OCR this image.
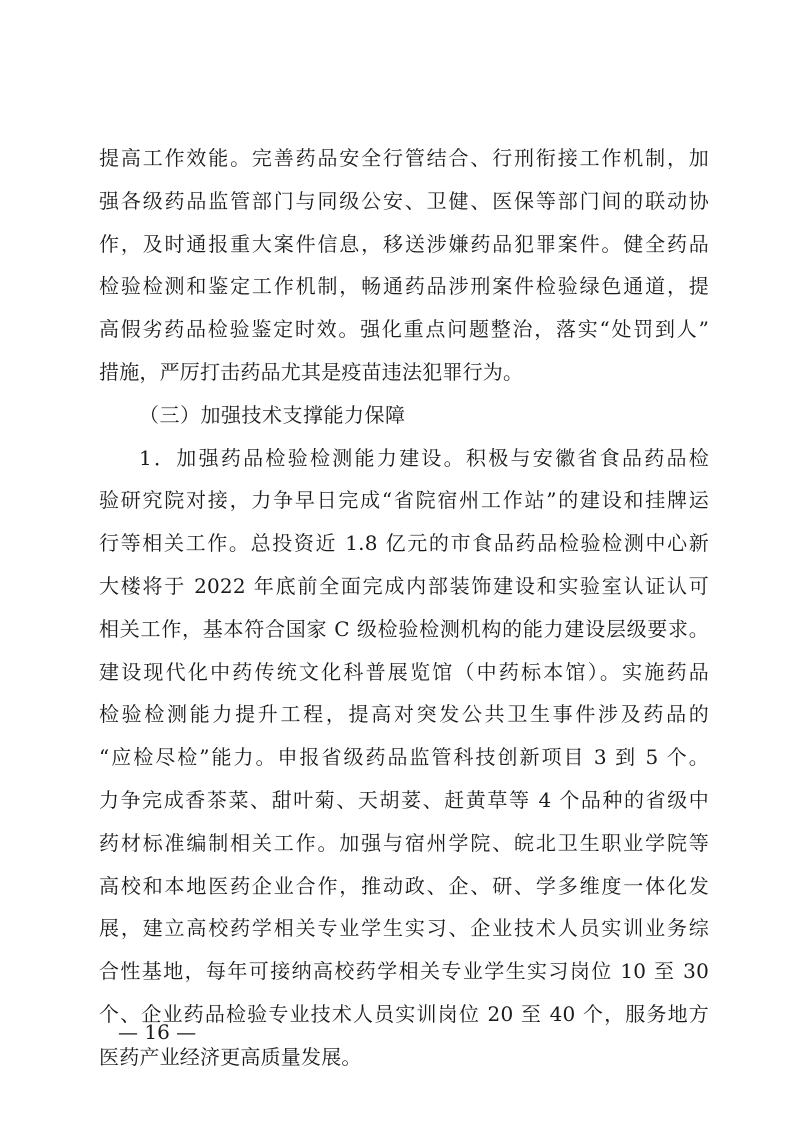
提高工作效能。完善药品安全行管结合、行刑衔接工作机制，加
强各级药品监管部门与同级公安、卫健、医保等部门间的联动协
作，及时通报重大案件信息，移送涉嫌药品犯罪案件。健全药品
检验检测和鉴定工作机制，畅通药品涉刑案件检验绿色通道，提
高假劣药品检验鉴定时效。强化重点问题整治，落实“处罚到人”
措施，严厉打击药品尤其是疫苗违法犯罪行为。
（三）加强技术支撑能力保障
1．加强药品检验检测能力建设。积极与安徽省食品药品检
验研究院对接，力争早日完成“省院宿州工作站”的建设和挂牌运
行等相关工作。总投资近 1.8 亿元的市食品药品检验检测中心新
大楼将于 2022 年底前全面完成内部装饰建设和实验室认证认可
相关工作，基本符合国家 C 级检验检测机构的能力建设层级要求。
建设现代化中药传统文化科普展览馆（中药标本馆）。实施药品
检验检测能力提升工程，提高对突发公共卫生事件涉及药品的
“应检尽检”能力。申报省级药品监管科技创新项目 3 到 5 个。
力争完成香茶菜、甜叶菊、天胡荽、赶黄草等 4 个品种的省级中
药材标准编制相关工作。加强与宿州学院、皖北卫生职业学院等
高校和本地医药企业合作，推动政、企、研、学多维度一体化发
展，建立高校药学相关专业学生实习、企业技术人员实训业务综
合性基地，每年可接纳高校药学相关专业学生实习岗位 10 至 30
个、企业药品检验专业技术人员实训岗位 20 至 40 个，服务地方
医药产业经济更高质量发展。
— 16 —
